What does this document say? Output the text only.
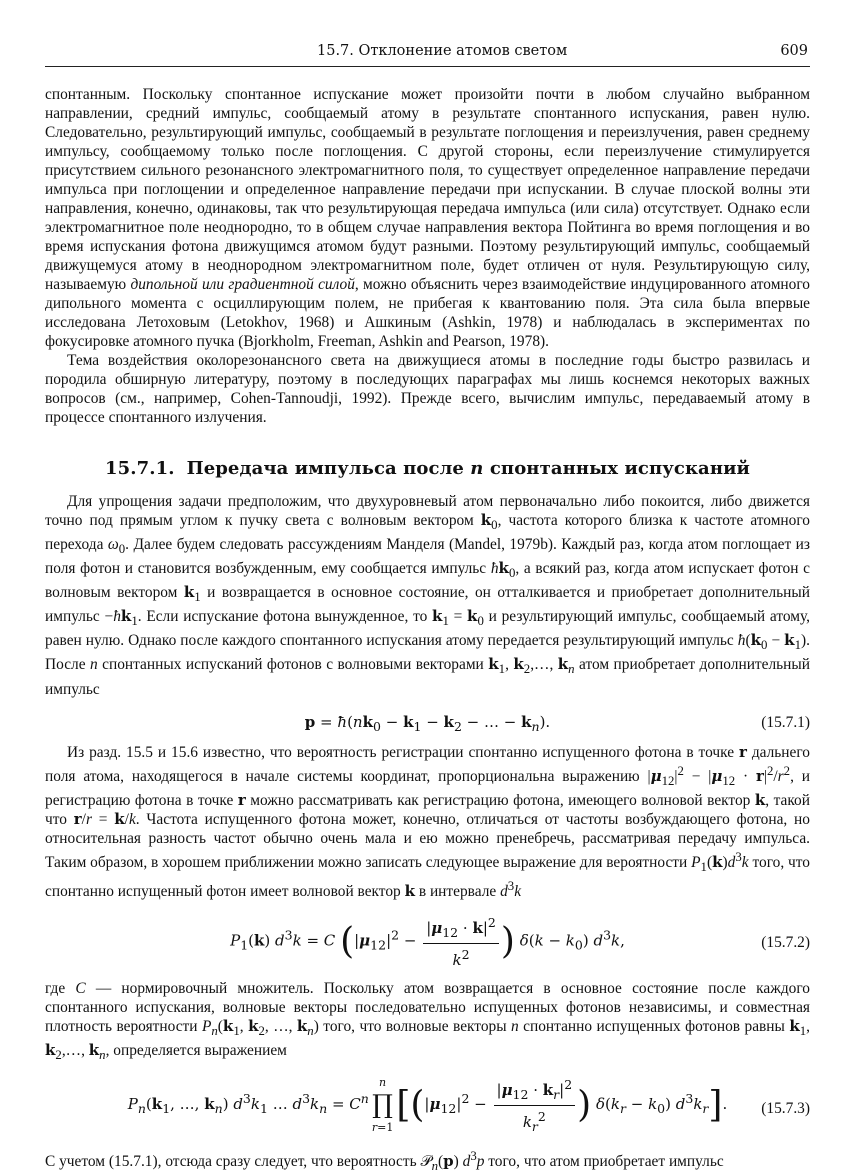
15.7. Отклонение атомов светом	609

спонтанным. Поскольку спонтанное испускание может произойти почти в любом случайно выбранном направлении, средний импульс, сообщаемый атому в результате спонтанного испускания, равен нулю. Следовательно, результирующий импульс, сообщаемый в результате поглощения и переизлучения, равен среднему импульсу, сообщаемому только после поглощения. С другой стороны, если переизлучение стимулируется присутствием сильного резонансного электромагнитного поля, то существует определенное направление передачи импульса при поглощении и определенное направление передачи при испускании. В случае плоской волны эти направления, конечно, одинаковы, так что результирующая передача импульса (или сила) отсутствует. Однако если электромагнитное поле неоднородно, то в общем случае направления вектора Пойтинга во время поглощения и во время испускания фотона движущимся атомом будут разными. Поэтому результирующий импульс, сообщаемый движущемуся атому в неоднородном электромагнитном поле, будет отличен от нуля. Результирующую силу, называемую дипольной или градиентной силой, можно объяснить через взаимодействие индуцированного атомного дипольного момента с осциллирующим полем, не прибегая к квантованию поля. Эта сила была впервые исследована Летоховым (Letokhov, 1968) и Ашкиным (Ashkin, 1978) и наблюдалась в экспериментах по фокусировке атомного пучка (Bjorkholm, Freeman, Ashkin and Pearson, 1978).

Тема воздействия околорезонансного света на движущиеся атомы в последние годы быстро развилась и породила обширную литературу, поэтому в последующих параграфах мы лишь коснемся некоторых важных вопросов (см., например, Cohen-Tannoudji, 1992). Прежде всего, вычислим импульс, передаваемый атому в процессе спонтанного излучения.

15.7.1. Передача импульса после n спонтанных испусканий

Для упрощения задачи предположим, что двухуровневый атом первоначально либо покоится, либо движется точно под прямым углом к пучку света с волновым вектором $k_0$, частота которого близка к частоте атомного перехода $\omega_0$. Далее будем следовать рассуждениям Манделя (Mandel, 1979b). Каждый раз, когда атом поглощает из поля фотон и становится возбужденным, ему сообщается импульс $ħk_0$, а всякий раз, когда атом испускает фотон с волновым вектором $k_1$ и возвращается в основное состояние, он отталкивается и приобретает дополнительный импульс $-ħk_1$. Если испускание фотона вынужденное, то $k_1 = k_0$ и результирующий импульс, сообщаемый атому, равен нулю. Однако после каждого спонтанного испускания атому передается результирующий импульс $ħ(k_0 - k_1)$. После n спонтанных испусканий фотонов с волновыми векторами $k_1$, $k_2,\dots$, $k_n$ атом приобретает дополнительный импульс

$p = ħ(nk_0 - k_1 - k_2$ − … − $k_n$).	(15.7.1)

Из разд. 15.5 и 15.6 известно, что вероятность регистрации спонтанно испущенного фотона в точке r дальнего поля атома, находящегося в начале системы координат, пропорциональна выражению $|\mu_{12}|^2 - |\mu_{12} \cdot r|^2/r^2$, и регистрацию фотона в точке r можно рассматривать как регистрацию фотона, имеющего волновой вектор k, такой что r/r = k/k. Частота испущенного фотона может, конечно, отличаться от частоты возбуждающего фотона, но относительная разность частот обычно очень мала и ею можно пренебречь, рассматривая передачу импульса. Таким образом, в хорошем приближении можно записать следующее выражение для вероятности $P_1(k)d^3k$ того, что спонтанно испущенный фотон имеет волновой вектор k в интервале $d^3k$

$P_1(k) d^3k = C$ ($|\mu_{12}|^2 - \frac{|\mu_{12} \cdot k|^2}{k^2}$ ) $\delta(k - k_0)$ $d^3k$,	(15.7.2)

где C — нормировочный множитель. Поскольку атом возвращается в основное состояние после каждого спонтанного испускания, волновые векторы последовательно испущенных фотонов независимы, и совместная плотность вероятности $P_n(k_1$, $k_2$, …, $k_n$) того, что волновые векторы n спонтанно испущенных фотонов равны $k_1$, $k_2,\dots$, $k_n$, определяется выражением

$P_n(k_1$, …, $k_n$) $d^3k_1$ … $d^3k_n = C^nn$
∏
$r=1[(|\mu_{12}|^2 - \frac{|\mu_{12} \cdot k_r|^2}{k_r^2}$ ) $\delta(k_r - k_0)$ $d^3k_r$].	(15.7.3)

С учетом (15.7.1), отсюда сразу следует, что вероятность 𝒫$_n$(p) $d^3p$ того, что атом приобретает импульс
